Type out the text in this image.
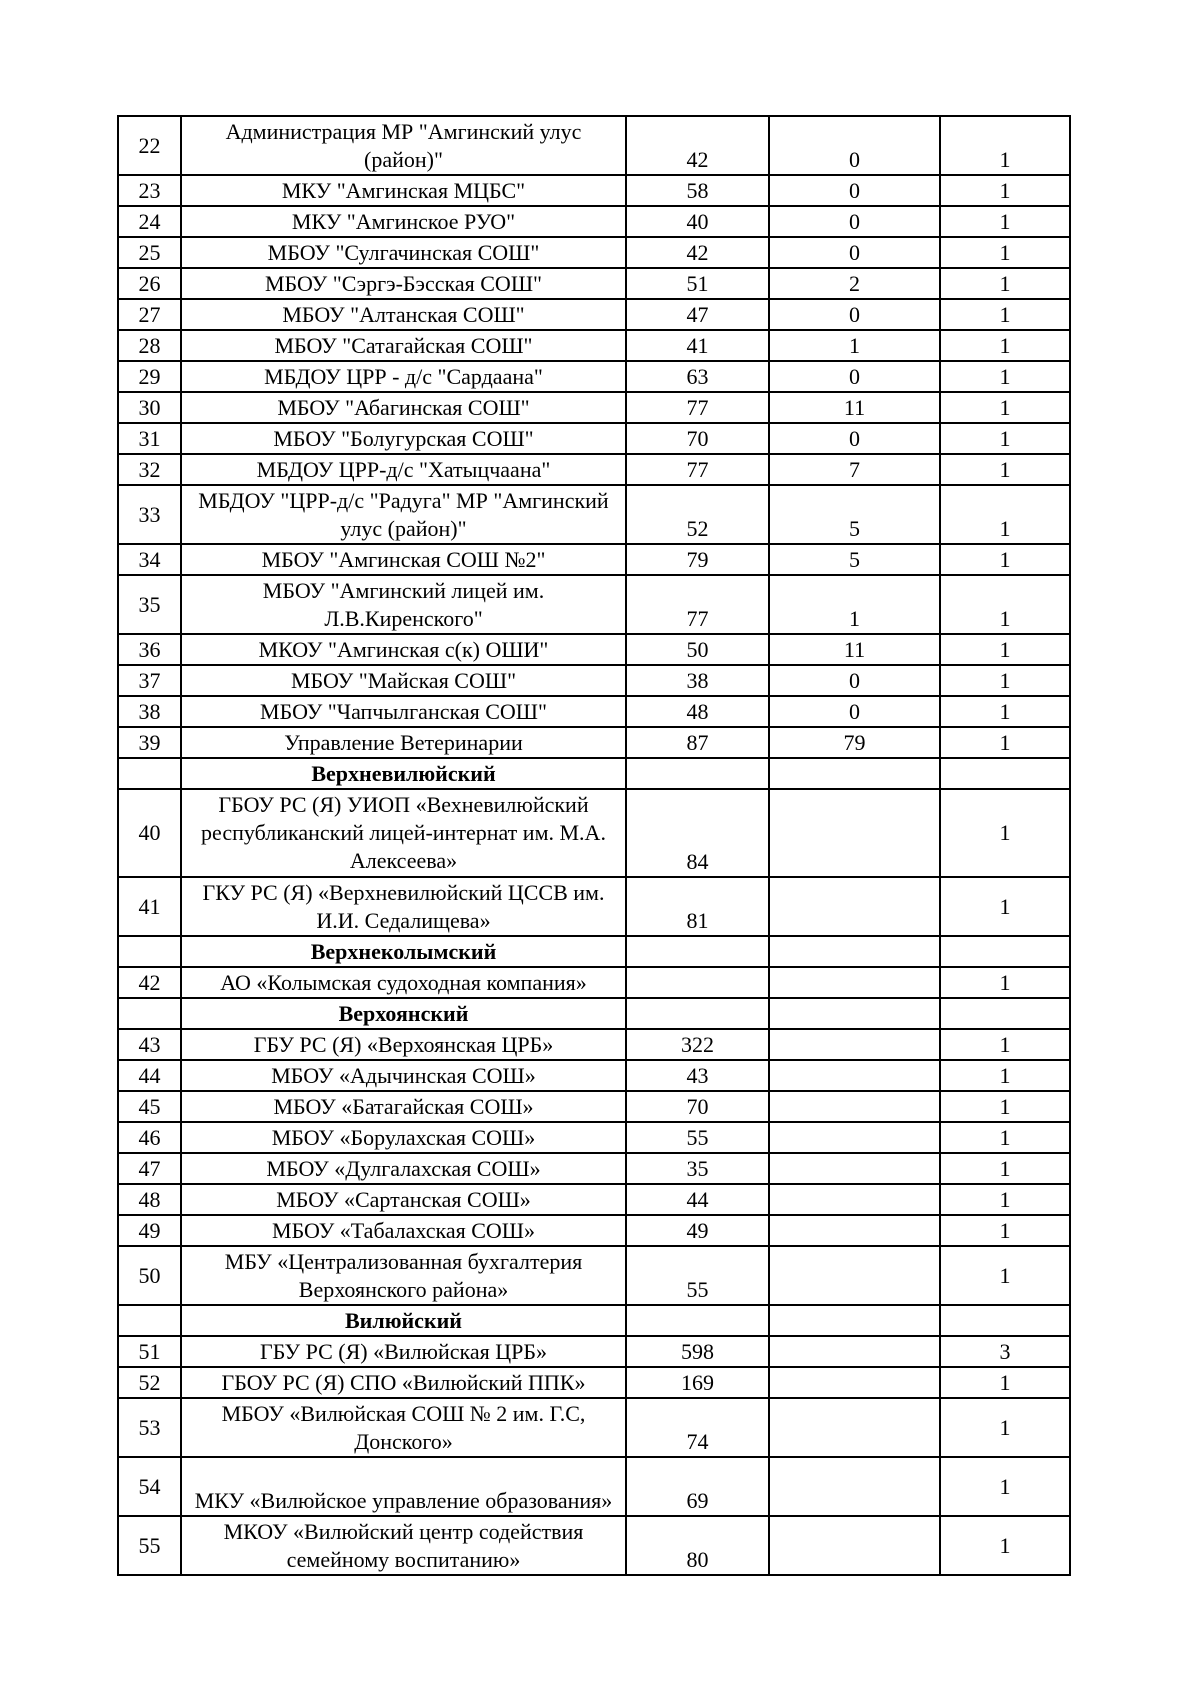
22	Администрация МР "Амгинский улус (район)"	42	0	1
23	МКУ "Амгинская МЦБС"	58	0	1
24	МКУ "Амгинское РУО"	40	0	1
25	МБОУ "Сулгачинская СОШ"	42	0	1
26	МБОУ "Сэргэ-Бэсская СОШ"	51	2	1
27	МБОУ "Алтанская СОШ"	47	0	1
28	МБОУ "Сатагайская СОШ"	41	1	1
29	МБДОУ ЦРР - д/с "Сардаана"	63	0	1
30	МБОУ "Абагинская СОШ"	77	11	1
31	МБОУ "Болугурская СОШ"	70	0	1
32	МБДОУ ЦРР-д/с "Хатыцчаана"	77	7	1
33	МБДОУ "ЦРР-д/с "Радуга" МР "Амгинский улус (район)"	52	5	1
34	МБОУ "Амгинская СОШ №2"	79	5	1
35	МБОУ "Амгинский лицей им. Л.В.Киренского"	77	1	1
36	МКОУ "Амгинская с(к) ОШИ"	50	11	1
37	МБОУ "Майская СОШ"	38	0	1
38	МБОУ "Чапчылганская СОШ"	48	0	1
39	Управление Ветеринарии	87	79	1
	Верхневилюйский			
40	ГБОУ РС (Я) УИОП «Вехневилюйский республиканский лицей-интернат им. М.А. Алексеева»	84		1
41	ГКУ РС (Я) «Верхневилюйский ЦССВ им. И.И. Седалищева»	81		1
	Верхнеколымский			
42	АО «Колымская судоходная компания»			1
	Верхоянский			
43	ГБУ РС (Я) «Верхоянская ЦРБ»	322		1
44	МБОУ «Адычинская СОШ»	43		1
45	МБОУ «Батагайская СОШ»	70		1
46	МБОУ «Борулахская СОШ»	55		1
47	МБОУ «Дулгалахская СОШ»	35		1
48	МБОУ «Сартанская СОШ»	44		1
49	МБОУ «Табалахская СОШ»	49		1
50	МБУ «Централизованная бухгалтерия Верхоянского района»	55		1
	Вилюйский			
51	ГБУ РС (Я) «Вилюйская ЦРБ»	598		3
52	ГБОУ РС (Я) СПО «Вилюйский ППК»	169		1
53	МБОУ «Вилюйская СОШ № 2 им. Г.С, Донского»	74		1
54	МКУ «Вилюйское управление образования»	69		1
55	МКОУ «Вилюйский центр содействия семейному воспитанию»	80		1
